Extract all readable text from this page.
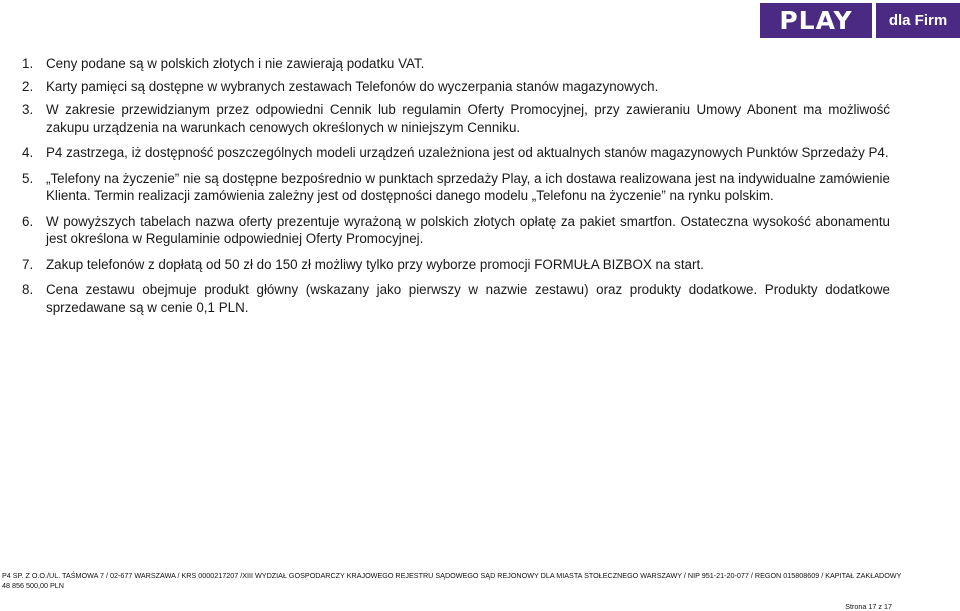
PLAY	dla Firm
1. Ceny podane są w polskich złotych i nie zawierają podatku VAT.
2. Karty pamięci są dostępne w wybranych zestawach Telefonów do wyczerpania stanów magazynowych.
3. W zakresie przewidzianym przez odpowiedni Cennik lub regulamin Oferty Promocyjnej, przy zawieraniu Umowy Abonent ma możliwość zakupu urządzenia na warunkach cenowych określonych w niniejszym Cenniku.
4. P4 zastrzega, iż dostępność poszczególnych modeli urządzeń uzależniona jest od aktualnych stanów magazynowych Punktów Sprzedaży P4.
5. „Telefony na życzenie” nie są dostępne bezpośrednio w punktach sprzedaży Play, a ich dostawa realizowana jest na indywidualne zamówienie Klienta. Termin realizacji zamówienia zależny jest od dostępności danego modelu „Telefonu na życzenie” na rynku polskim.
6. W powyższych tabelach nazwa oferty prezentuje wyrażoną w polskich złotych opłatę za pakiet smartfon. Ostateczna wysokość abonamentu jest określona w Regulaminie odpowiedniej Oferty Promocyjnej.
7. Zakup telefonów z dopłatą od 50 zł do 150 zł możliwy tylko przy wyborze promocji FORMUŁA BIZBOX na start.
8. Cena zestawu obejmuje produkt główny (wskazany jako pierwszy w nazwie zestawu) oraz produkty dodatkowe. Produkty dodatkowe sprzedawane są w cenie 0,1 PLN.
P4 SP. Z O.O./UL. TAŚMOWA 7 / 02-677 WARSZAWA / KRS 0000217207 /XIII WYDZIAŁ GOSPODARCZY KRAJOWEGO REJESTRU SĄDOWEGO SĄD REJONOWY DLA MIASTA STOŁECZNEGO WARSZAWY / NIP 951-21-20-077 / REGON 015808609 / KAPITAŁ ZAKŁADOWY 48 856 500,00 PLN
Strona 17 z 17
